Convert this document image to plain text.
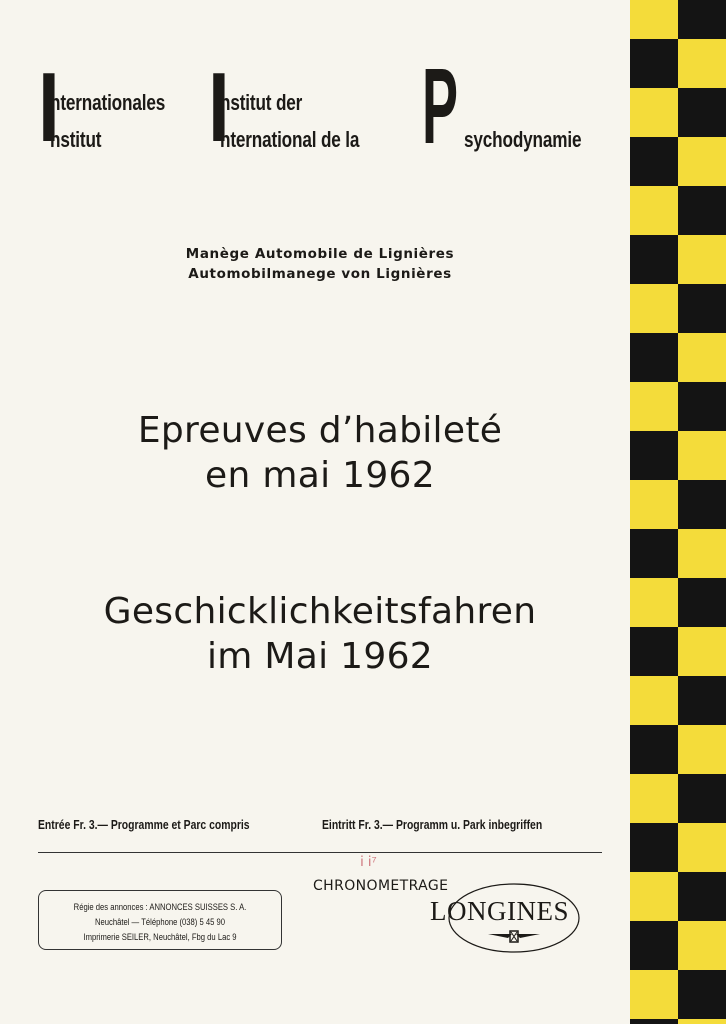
I
nternationales
nstitut I
nstitut der
nternational de la P sychodynamie
Manège Automobile de Lignières
Automobilmanege von Lignières
Epreuves d’habileté
en mai 1962
Geschicklichkeitsfahren
im Mai 1962
Entrée Fr. 3.— Programme et Parc compris	Eintritt Fr. 3.— Programm u. Park inbegriffen
ⅰ ⅰ⁷
Régie des annonces : ANNONCES SUISSES S. A.
Neuchâtel — Téléphone (038) 5 45 90
Imprimerie SEILER, Neuchâtel, Fbg du Lac 9
CHRONOMETRAGE
LONGINES
